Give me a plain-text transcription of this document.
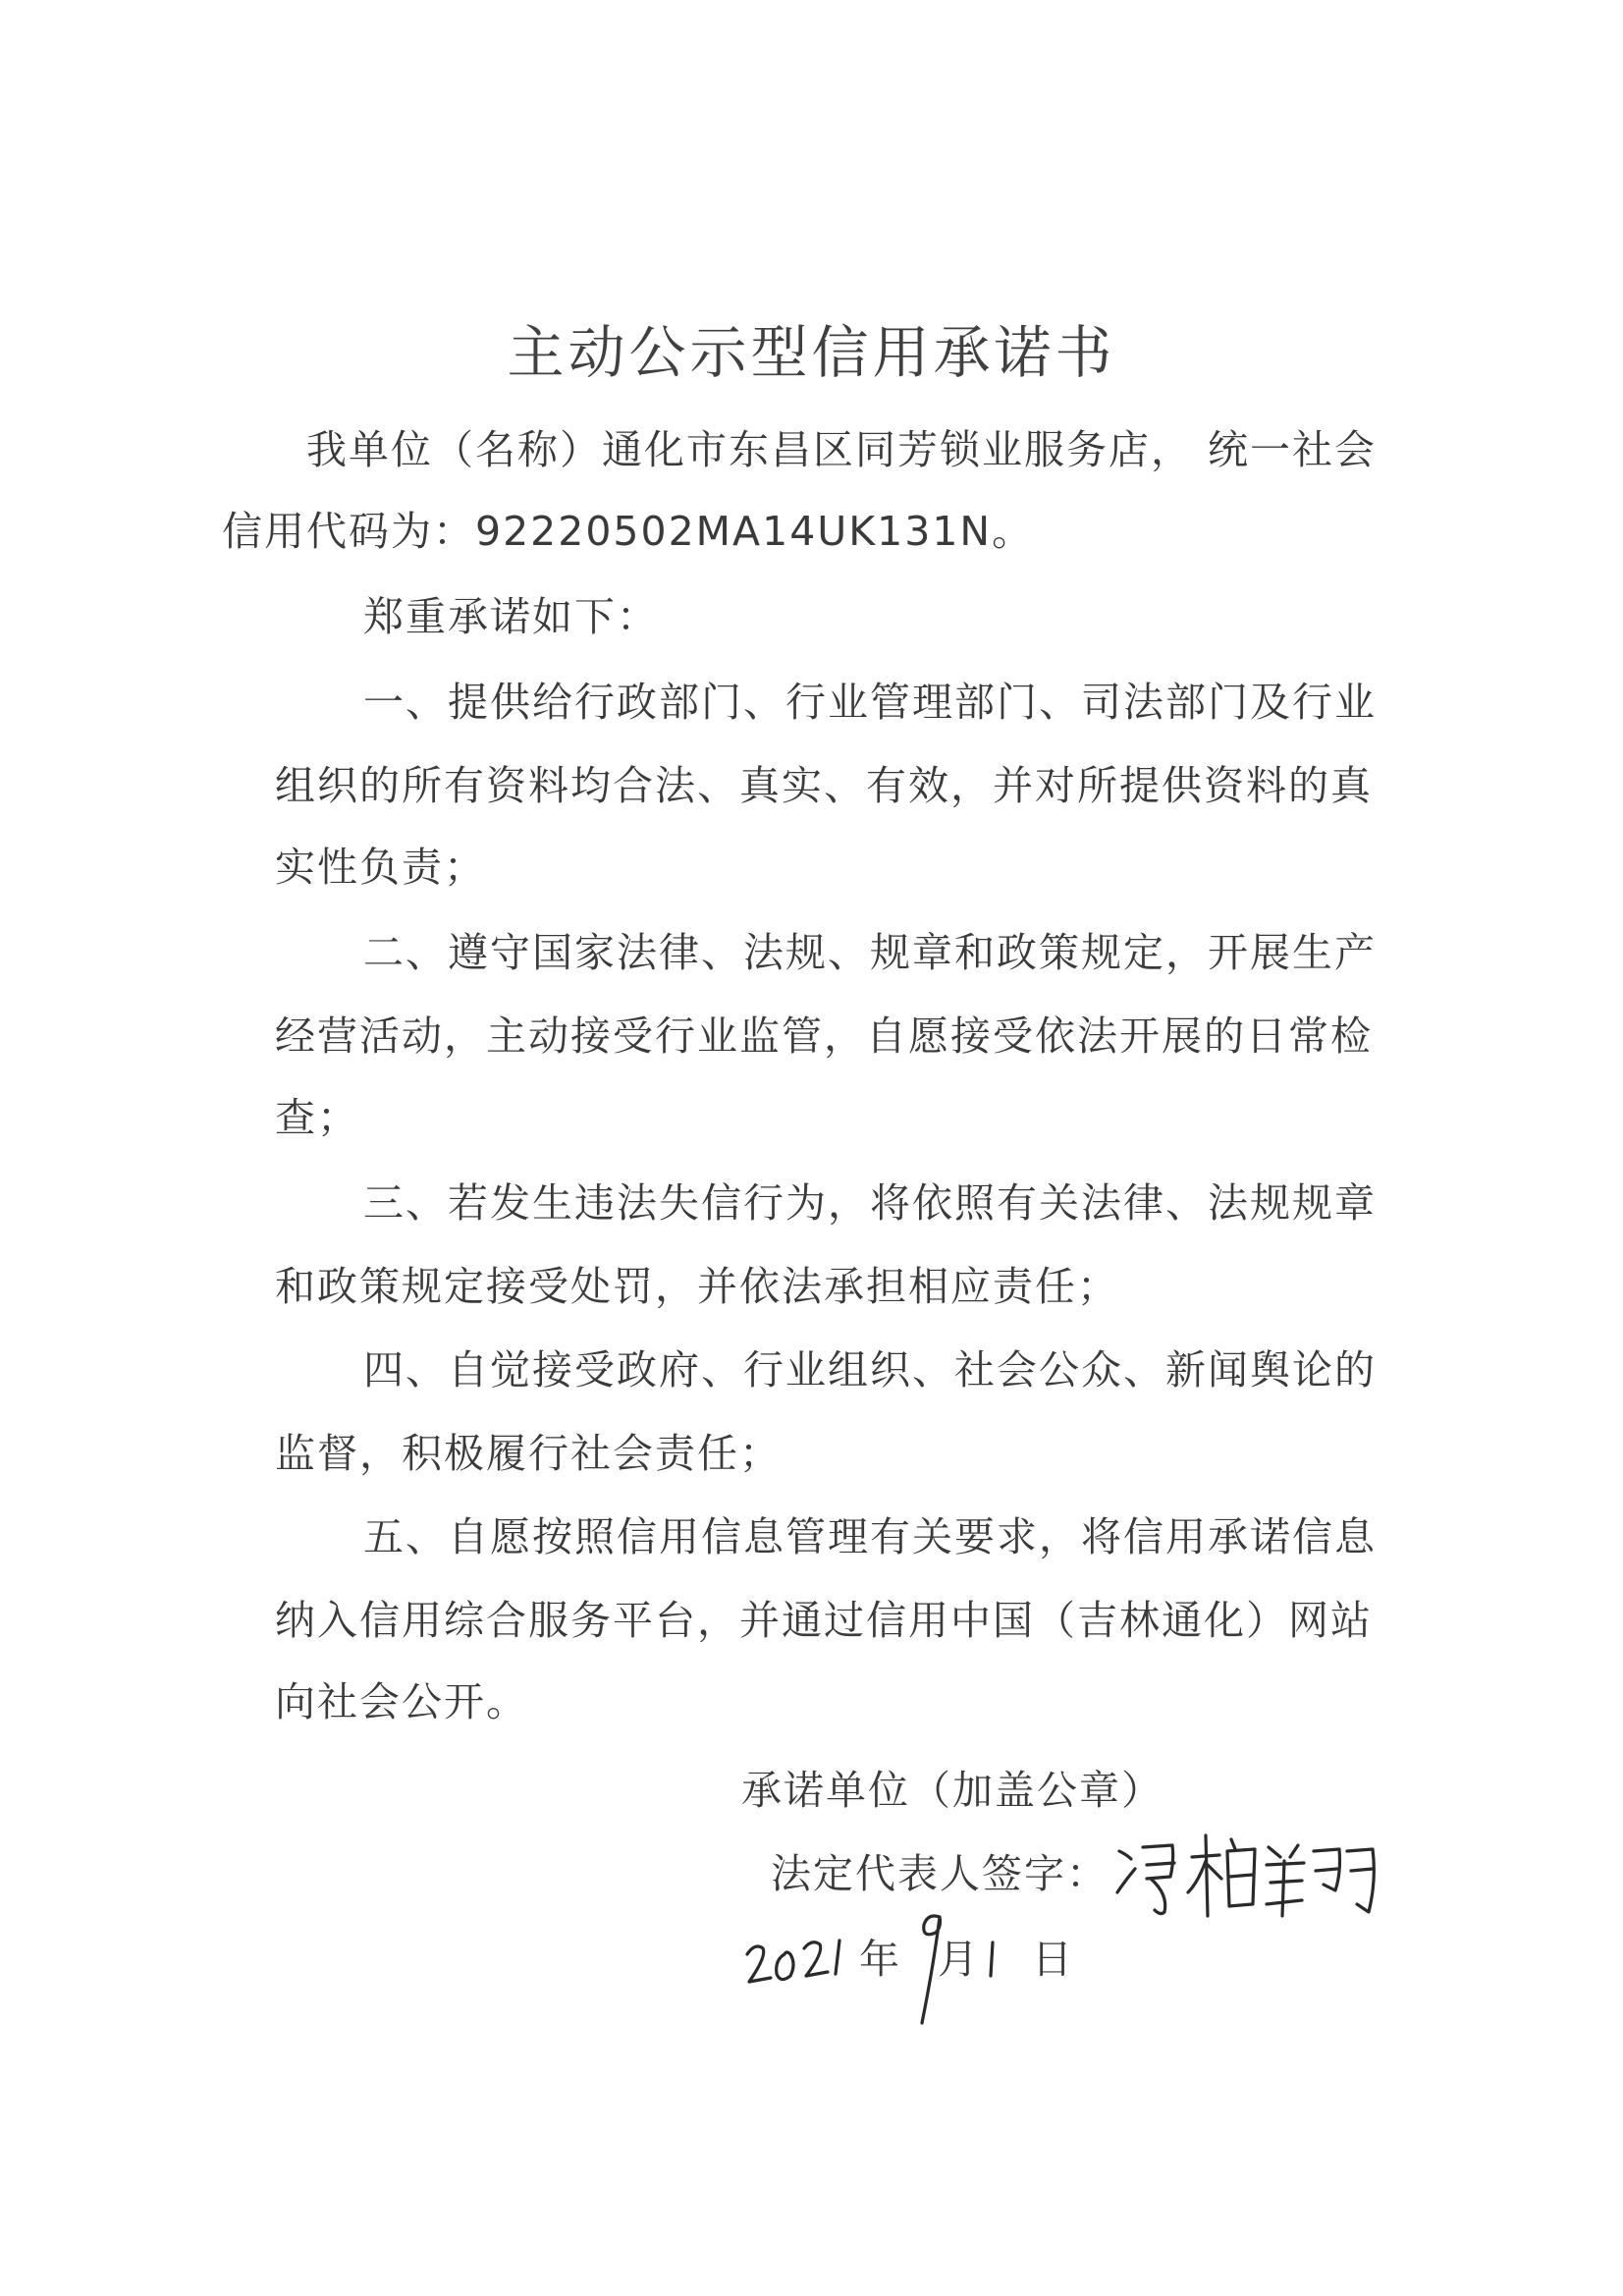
主动公示型信用承诺书
我单位（名称）通化市东昌区同芳锁业服务店， 统一社会
信用代码为：92220502MA14UK131N。
郑重承诺如下：
一、提供给行政部门、行业管理部门、司法部门及行业
组织的所有资料均合法、真实、有效，并对所提供资料的真
实性负责；
二、遵守国家法律、法规、规章和政策规定，开展生产
经营活动，主动接受行业监管，自愿接受依法开展的日常检
查；
三、若发生违法失信行为，将依照有关法律、法规规章
和政策规定接受处罚，并依法承担相应责任；
四、自觉接受政府、行业组织、社会公众、新闻舆论的
监督，积极履行社会责任；
五、自愿按照信用信息管理有关要求，将信用承诺信息
纳入信用综合服务平台，并通过信用中国（吉林通化）网站
向社会公开。
承诺单位（加盖公章）
法定代表人签字：
年 月 日
